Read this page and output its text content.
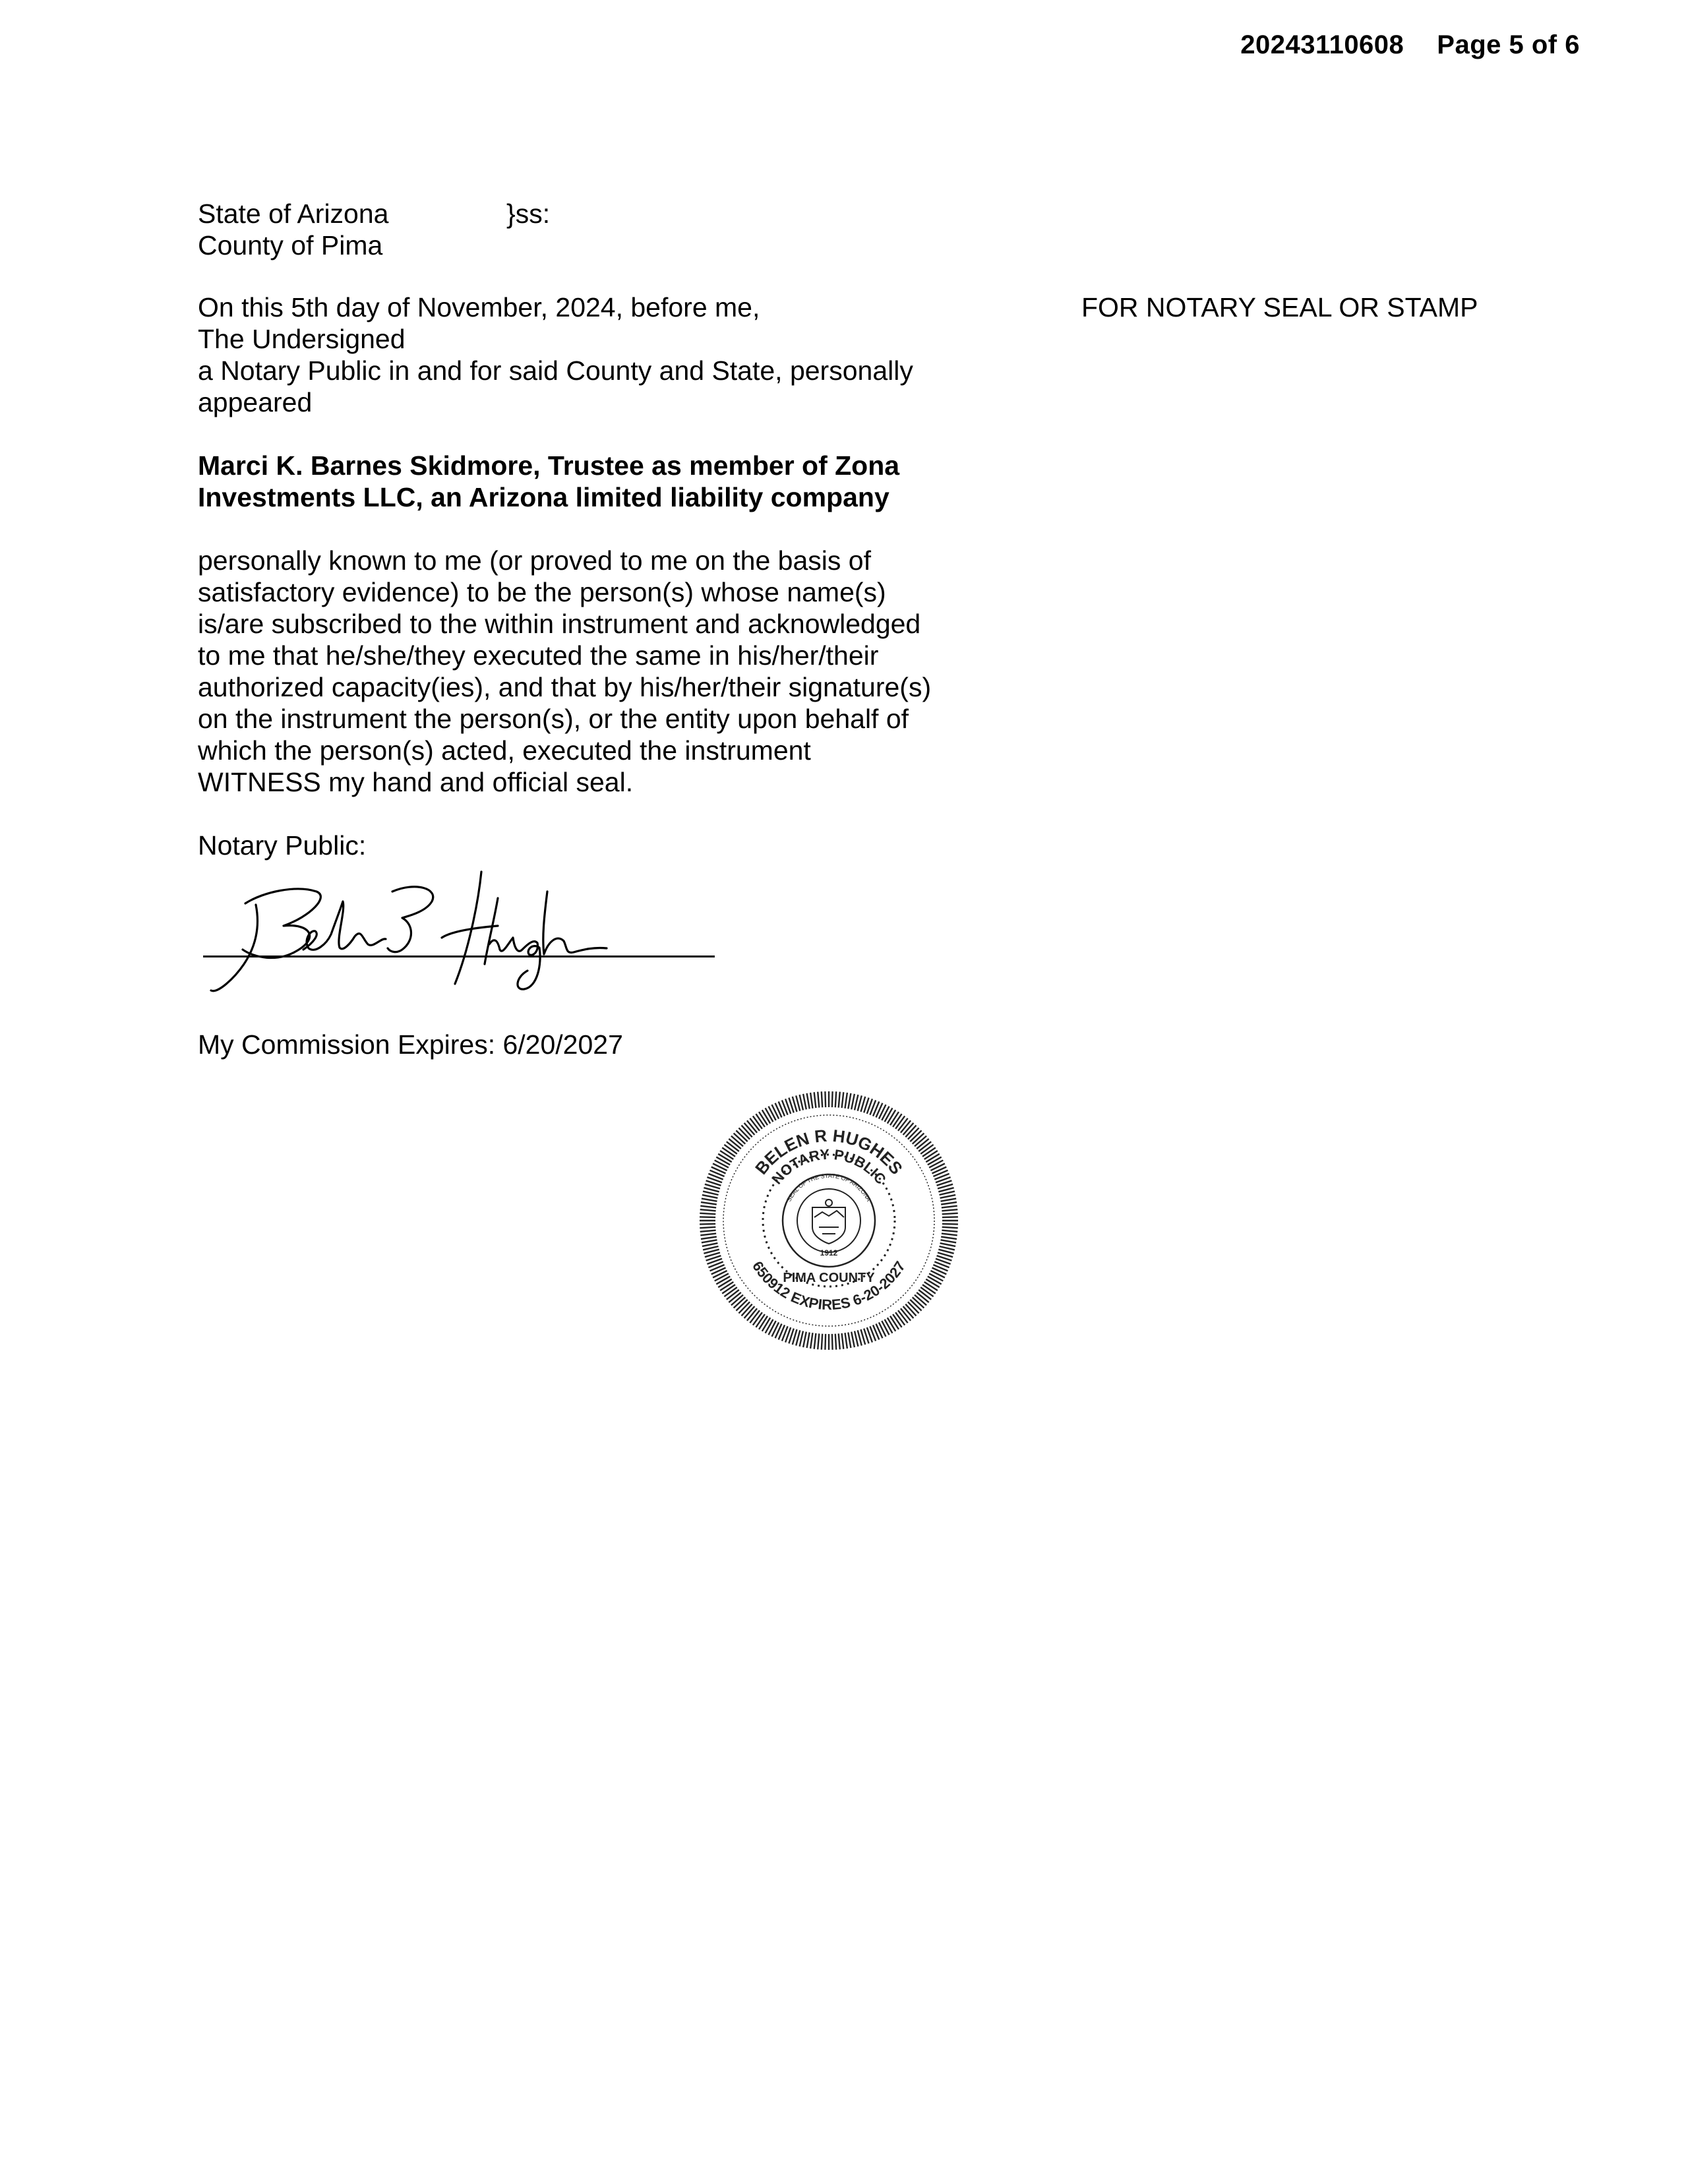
20243110608 Page 5 of 6
State of Arizona	}ss:
County of Pima
FOR NOTARY SEAL OR STAMP
On this 5th day of November, 2024, before me,
The Undersigned
a Notary Public in and for said County and State, personally
appeared
Marci K. Barnes Skidmore, Trustee as member of Zona
Investments LLC, an Arizona limited liability company
personally known to me (or proved to me on the basis of
satisfactory evidence) to be the person(s) whose name(s)
is/are subscribed to the within instrument and acknowledged
to me that he/she/they executed the same in his/her/their
authorized capacity(ies), and that by his/her/their signature(s)
on the instrument the person(s), or the entity upon behalf of
which the person(s) acted, executed the instrument
WITNESS my hand and official seal.
Notary Public:
My Commission Expires: 6/20/2027
BELEN R HUGHES
NOTARY PUBLIC
650912 EXPIRES 6-20-2027
PIMA COUNTY
SEAL OF THE STATE OF ARIZONA
1912
